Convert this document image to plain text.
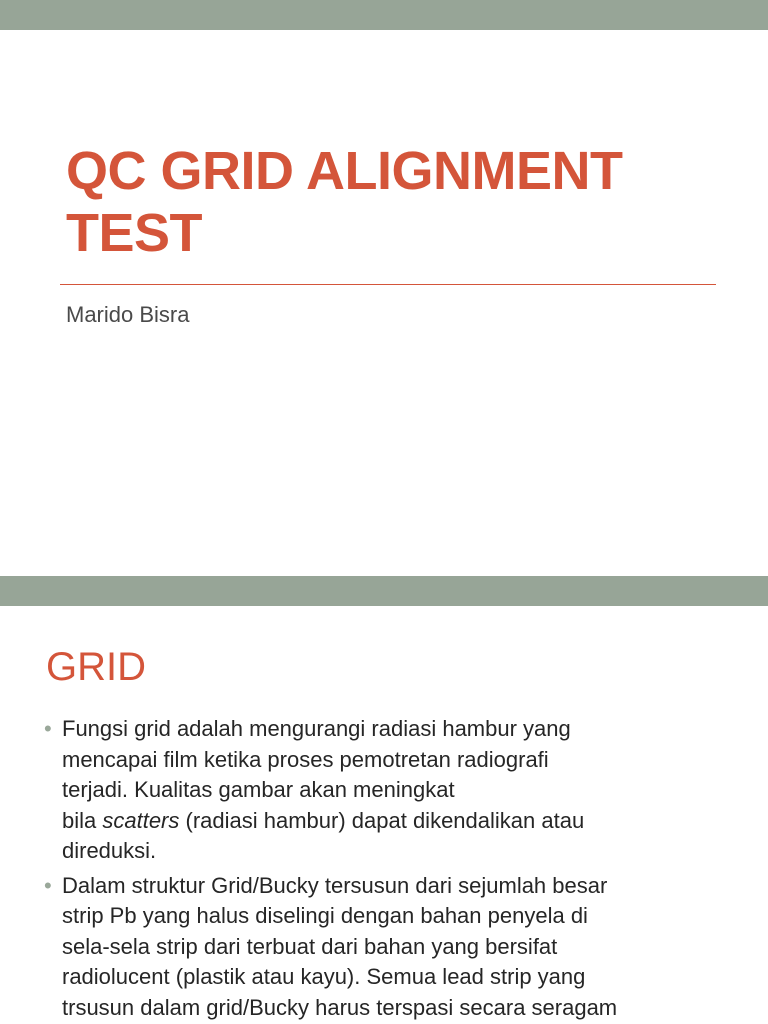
QC GRID ALIGNMENT
TEST

Marido Bisra

GRID
• Fungsi grid adalah mengurangi radiasi hambur yang
mencapai film ketika proses pemotretan radiografi
terjadi. Kualitas gambar akan meningkat
bila scatters (radiasi hambur) dapat dikendalikan atau
direduksi.
• Dalam struktur Grid/Bucky tersusun dari sejumlah besar
strip Pb yang halus diselingi dengan bahan penyela di
sela-sela strip dari terbuat dari bahan yang bersifat
radiolucent (plastik atau kayu). Semua lead strip yang
trsusun dalam grid/Bucky harus terspasi secara seragam
